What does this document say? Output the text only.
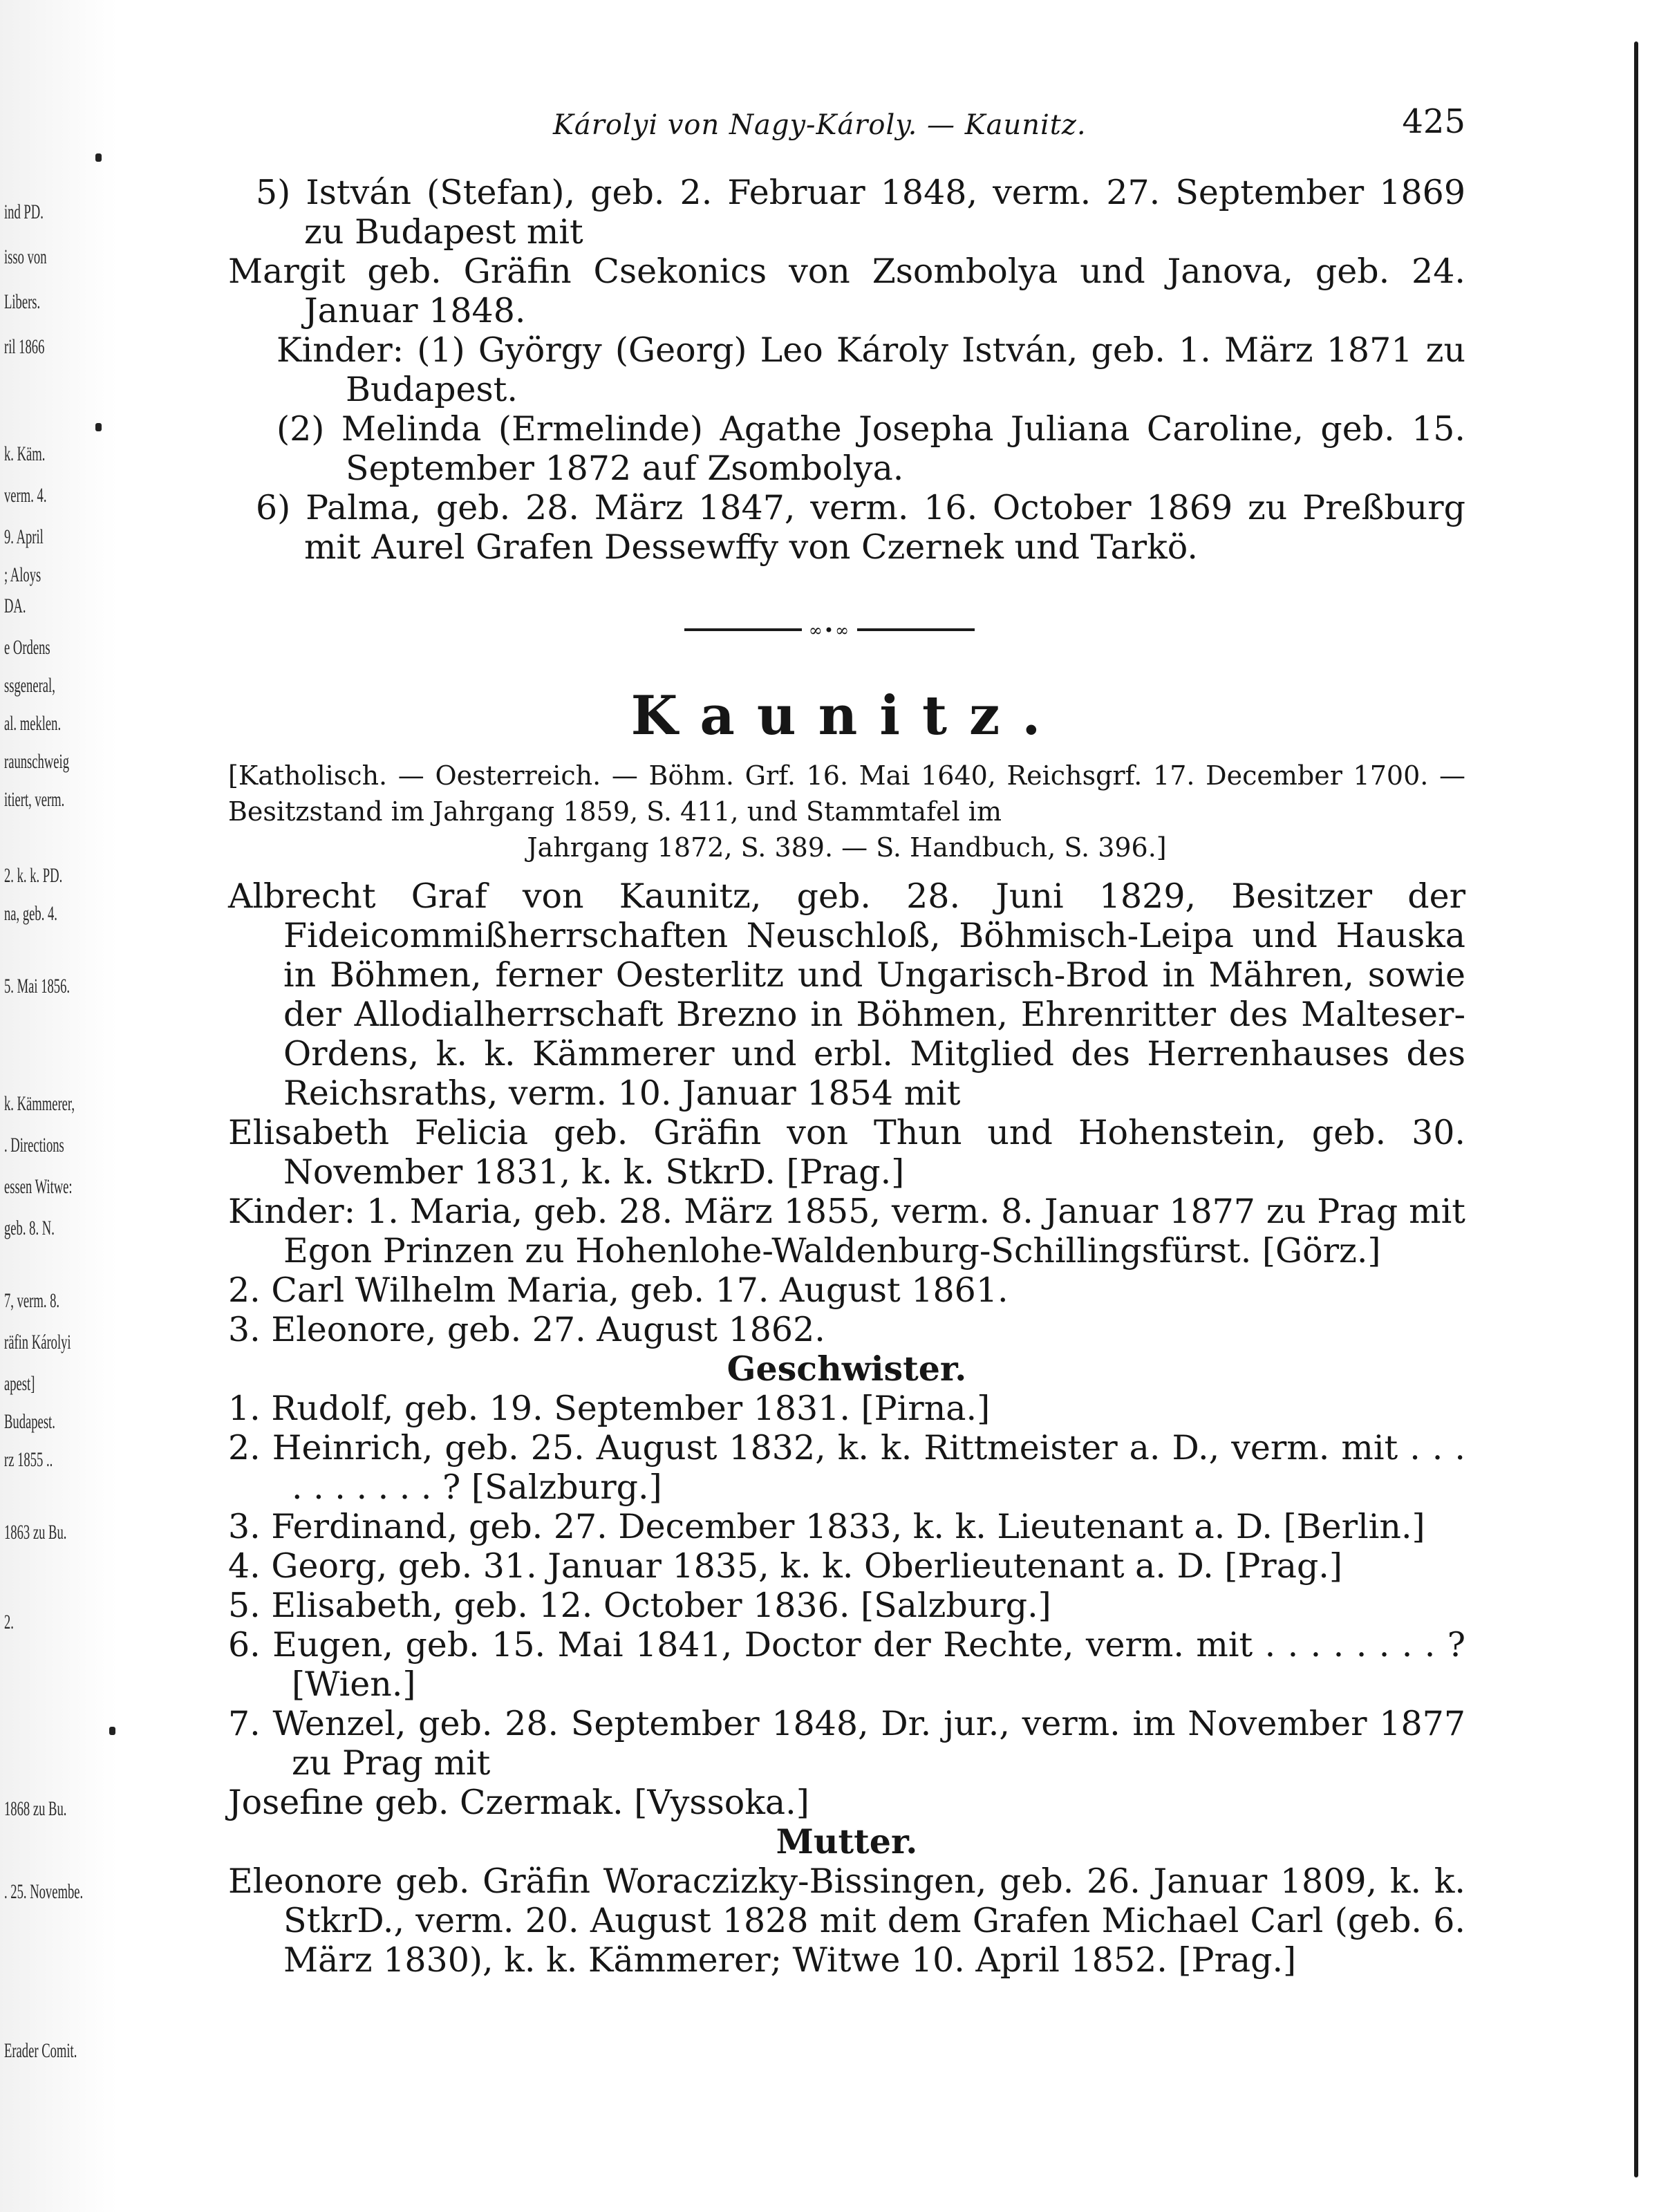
ind PD.
isso von
Libers.
ril 1866
k. Käm.
verm. 4.
9. April
; Aloys
DA.
e Ordens
ssgeneral,
al. meklen.
raunschweig
itiert, verm.
2. k. k. PD.
na, geb. 4.
5. Mai 1856.
k. Kämmerer,
. Directions
essen Witwe:
geb. 8. N.
7, verm. 8.
räfin Károlyi
apest]
Budapest.
rz 1855 ..
1863 zu Bu.
2.
1868 zu Bu.
. 25. Novembe.
Erader Comit.
Károlyi von Nagy-Károly. — Kaunitz.	425

5) István (Stefan), geb. 2. Februar 1848, verm. 27. September 1869 zu Budapest mit

Margit geb. Gräfin Csekonics von Zsombolya und Janova, geb. 24. Januar 1848.

Kinder: (1) György (Georg) Leo Károly István, geb. 1. März 1871 zu Budapest.

(2) Melinda (Ermelinde) Agathe Josepha Juliana Caroline, geb. 15. September 1872 auf Zsombolya.

6) Palma, geb. 28. März 1847, verm. 16. October 1869 zu Preßburg mit Aurel Grafen Dessewffy von Czernek und Tarkö.

∞•∞
Kaunitz.

[Katholisch. — Oesterreich. — Böhm. Grf. 16. Mai 1640, Reichsgrf. 17. December 1700. — Besitzstand im Jahrgang 1859, S. 411, und Stammtafel im

Jahrgang 1872, S. 389. — S. Handbuch, S. 396.]

Albrecht Graf von Kaunitz, geb. 28. Juni 1829, Besitzer der Fideicommißherrschaften Neuschloß, Böhmisch-Leipa und Hauska in Böhmen, ferner Oesterlitz und Ungarisch-Brod in Mähren, sowie der Allodialherrschaft Brezno in Böhmen, Ehrenritter des Malteser-Ordens, k. k. Kämmerer und erbl. Mitglied des Herrenhauses des Reichsraths, verm. 10. Januar 1854 mit

Elisabeth Felicia geb. Gräfin von Thun und Hohenstein, geb. 30. November 1831, k. k. StkrD. [Prag.]

Kinder: 1. Maria, geb. 28. März 1855, verm. 8. Januar 1877 zu Prag mit Egon Prinzen zu Hohenlohe-Waldenburg-Schillingsfürst. [Görz.]

2. Carl Wilhelm Maria, geb. 17. August 1861.

3. Eleonore, geb. 27. August 1862.

Geschwister.

1. Rudolf, geb. 19. September 1831. [Pirna.]

2. Heinrich, geb. 25. August 1832, k. k. Rittmeister a. D., verm. mit . . . . . . . . . . ? [Salzburg.]

3. Ferdinand, geb. 27. December 1833, k. k. Lieutenant a. D. [Berlin.]

4. Georg, geb. 31. Januar 1835, k. k. Oberlieutenant a. D. [Prag.]

5. Elisabeth, geb. 12. October 1836. [Salzburg.]

6. Eugen, geb. 15. Mai 1841, Doctor der Rechte, verm. mit . . . . . . . . ? [Wien.]

7. Wenzel, geb. 28. September 1848, Dr. jur., verm. im November 1877 zu Prag mit

Josefine geb. Czermak. [Vyssoka.]

Mutter.

Eleonore geb. Gräfin Woraczizky-Bissingen, geb. 26. Januar 1809, k. k. StkrD., verm. 20. August 1828 mit dem Grafen Michael Carl (geb. 6. März 1830), k. k. Kämmerer; Witwe 10. April 1852. [Prag.]
